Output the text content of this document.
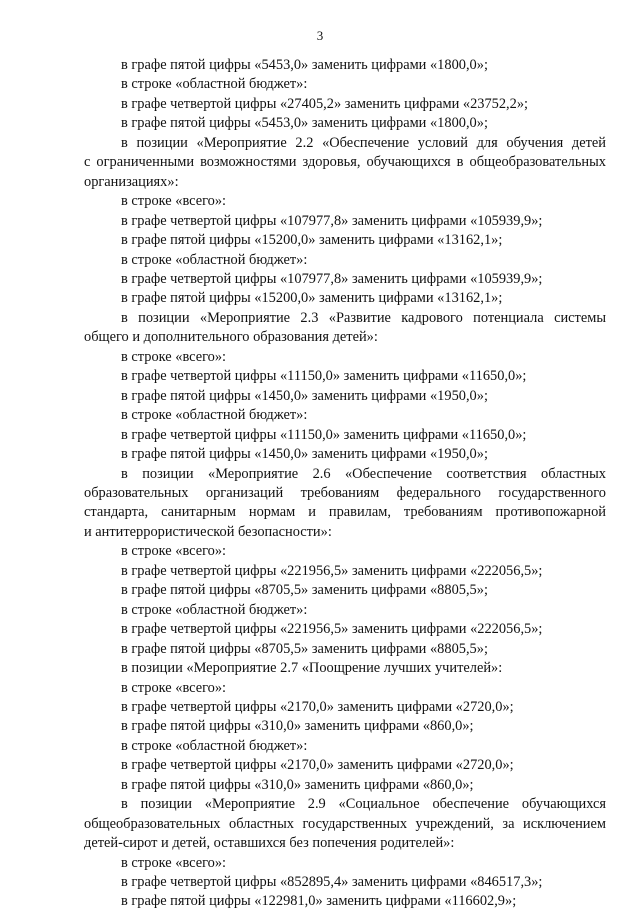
3
в графе пятой цифры «5453,0» заменить цифрами «1800,0»;
в строке «областной бюджет»:
в графе четвертой цифры «27405,2» заменить цифрами «23752,2»;
в графе пятой цифры «5453,0» заменить цифрами «1800,0»;
в позиции «Мероприятие 2.2 «Обеспечение условий для обучения детей
с ограниченными возможностями здоровья, обучающихся в общеобразовательных
организациях»:
в строке «всего»:
в графе четвертой цифры «107977,8» заменить цифрами «105939,9»;
в графе пятой цифры «15200,0» заменить цифрами «13162,1»;
в строке «областной бюджет»:
в графе четвертой цифры «107977,8» заменить цифрами «105939,9»;
в графе пятой цифры «15200,0» заменить цифрами «13162,1»;
в позиции «Мероприятие 2.3 «Развитие кадрового потенциала системы
общего и дополнительного образования детей»:
в строке «всего»:
в графе четвертой цифры «11150,0» заменить цифрами «11650,0»;
в графе пятой цифры «1450,0» заменить цифрами «1950,0»;
в строке «областной бюджет»:
в графе четвертой цифры «11150,0» заменить цифрами «11650,0»;
в графе пятой цифры «1450,0» заменить цифрами «1950,0»;
в позиции «Мероприятие 2.6 «Обеспечение соответствия областных
образовательных организаций требованиям федерального государственного
стандарта, санитарным нормам и правилам, требованиям противопожарной
и антитеррористической безопасности»:
в строке «всего»:
в графе четвертой цифры «221956,5» заменить цифрами «222056,5»;
в графе пятой цифры «8705,5» заменить цифрами «8805,5»;
в строке «областной бюджет»:
в графе четвертой цифры «221956,5» заменить цифрами «222056,5»;
в графе пятой цифры «8705,5» заменить цифрами «8805,5»;
в позиции «Мероприятие 2.7 «Поощрение лучших учителей»:
в строке «всего»:
в графе четвертой цифры «2170,0» заменить цифрами «2720,0»;
в графе пятой цифры «310,0» заменить цифрами «860,0»;
в строке «областной бюджет»:
в графе четвертой цифры «2170,0» заменить цифрами «2720,0»;
в графе пятой цифры «310,0» заменить цифрами «860,0»;
в позиции «Мероприятие 2.9 «Социальное обеспечение обучающихся
общеобразовательных областных государственных учреждений, за исключением
детей-сирот и детей, оставшихся без попечения родителей»:
в строке «всего»:
в графе четвертой цифры «852895,4» заменить цифрами «846517,3»;
в графе пятой цифры «122981,0» заменить цифрами «116602,9»;
